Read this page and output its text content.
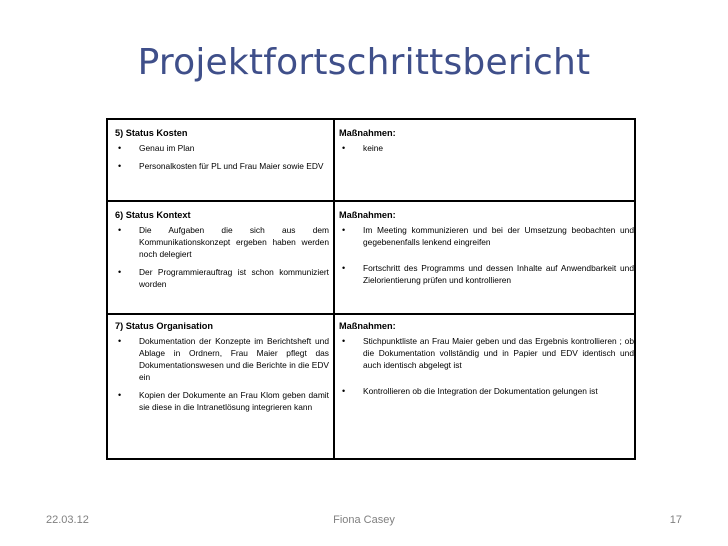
Projektfortschrittsbericht
5) Status Kosten
• Genau im Plan
• Personalkosten für PL und Frau Maier sowie EDV
Maßnahmen:
• keine
6) Status Kontext
• Die Aufgaben die sich aus dem Kommunikationskonzept ergeben haben werden noch delegiert
• Der Programmierauftrag ist schon kommuniziert worden
Maßnahmen:
• Im Meeting kommunizieren und bei der Umsetzung beobachten und gegebenenfalls lenkend eingreifen
• Fortschritt des Programms und dessen Inhalte auf Anwendbarkeit und Zielorientierung prüfen und kontrollieren
7) Status Organisation
• Dokumentation der Konzepte im Berichtsheft und Ablage in Ordnern, Frau Maier pflegt das Dokumentationswesen und die Berichte in die EDV ein
• Kopien der Dokumente an Frau Klom geben damit sie diese in die Intranetlösung integrieren kann
Maßnahmen:
• Stichpunktliste an Frau Maier geben und das Ergebnis kontrollieren ; ob die Dokumentation vollständig und in Papier und EDV identisch und auch identisch abgelegt ist
• Kontrollieren ob die Integration der Dokumentation gelungen ist
22.03.12	Fiona Casey	17
